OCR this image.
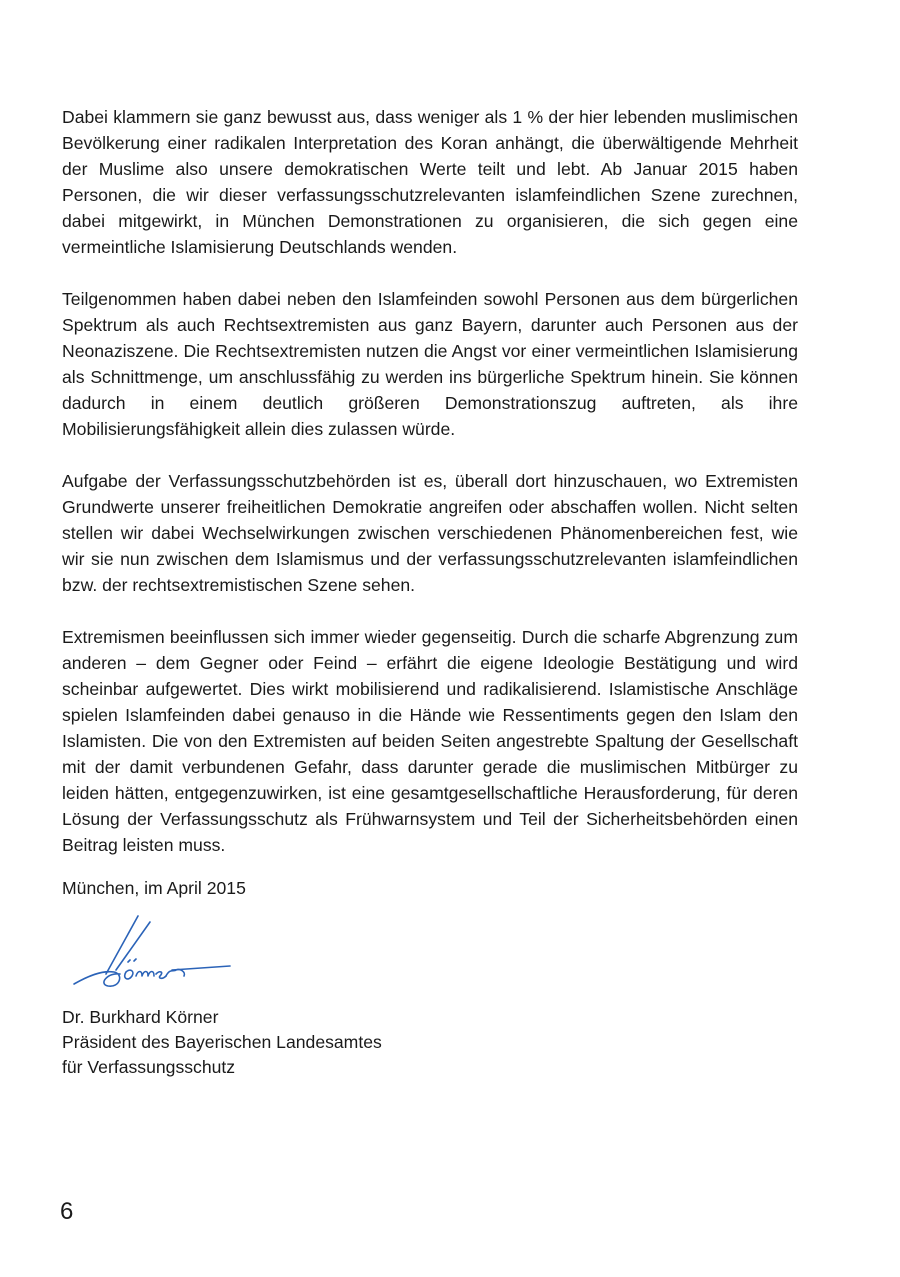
Dabei klammern sie ganz bewusst aus, dass weniger als 1 % der hier lebenden muslimischen Bevölkerung einer radikalen Interpretation des Koran anhängt, die überwältigende Mehrheit der Muslime also unsere demokratischen Werte teilt und lebt. Ab Januar 2015 haben Personen, die wir dieser verfassungsschutzrelevanten islamfeindlichen Szene zurechnen, dabei mitgewirkt, in München Demonstrationen zu organisieren, die sich gegen eine vermeintliche Islamisierung Deutschlands wenden.

Teilgenommen haben dabei neben den Islamfeinden sowohl Personen aus dem bürgerlichen Spektrum als auch Rechtsextremisten aus ganz Bayern, darunter auch Personen aus der Neonaziszene. Die Rechtsextremisten nutzen die Angst vor einer vermeintlichen Islamisierung als Schnittmenge, um anschlussfähig zu werden ins bürgerliche Spektrum hinein. Sie können dadurch in einem deutlich größeren Demonstrationszug auftreten, als ihre Mobilisierungsfähigkeit allein dies zulassen würde.

Aufgabe der Verfassungsschutzbehörden ist es, überall dort hinzuschauen, wo Extremisten Grundwerte unserer freiheitlichen Demokratie angreifen oder abschaffen wollen. Nicht selten stellen wir dabei Wechselwirkungen zwischen verschiedenen Phänomenbereichen fest, wie wir sie nun zwischen dem Islamismus und der verfassungsschutzrelevanten islamfeindlichen bzw. der rechtsextremistischen Szene sehen.

Extremismen beeinflussen sich immer wieder gegenseitig. Durch die scharfe Abgrenzung zum anderen – dem Gegner oder Feind – erfährt die eigene Ideologie Bestätigung und wird scheinbar aufgewertet. Dies wirkt mobilisierend und radikalisierend. Islamistische Anschläge spielen Islamfeinden dabei genauso in die Hände wie Ressentiments gegen den Islam den Islamisten. Die von den Extremisten auf beiden Seiten angestrebte Spaltung der Gesellschaft mit der damit verbundenen Gefahr, dass darunter gerade die muslimischen Mitbürger zu leiden hätten, entgegenzuwirken, ist eine gesamtgesellschaftliche Herausforderung, für deren Lösung der Verfassungsschutz als Frühwarnsystem und Teil der Sicherheitsbehörden einen Beitrag leisten muss.

München, im April 2015
Dr. Burkhard Körner
Präsident des Bayerischen Landesamtes
für Verfassungsschutz
6
